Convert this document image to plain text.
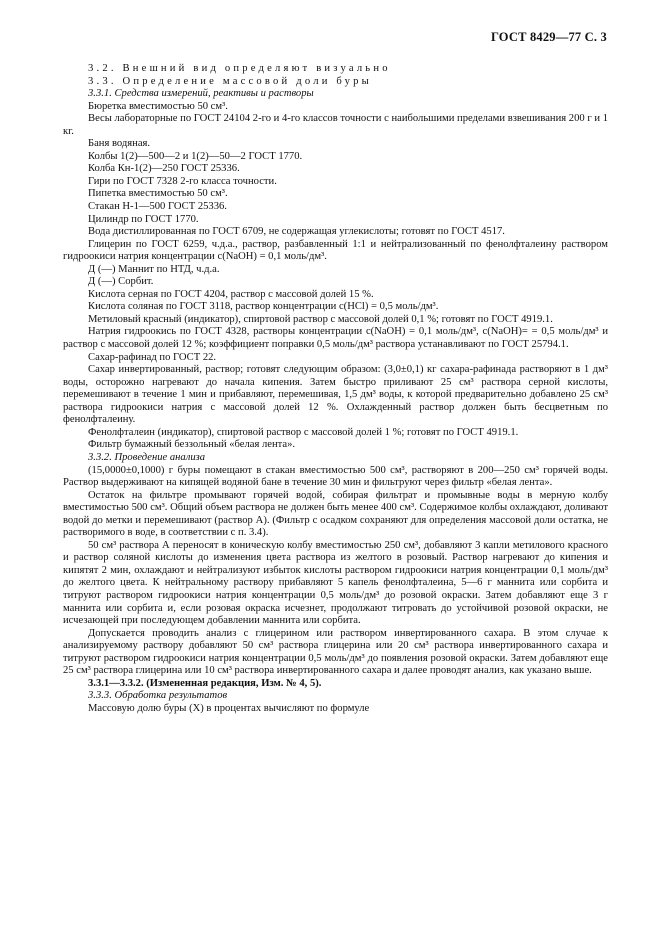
ГОСТ 8429—77 С. 3

3.2. Внешний вид определяют визуально

3.3. Определение массовой доли буры

3.3.1. Средства измерений, реактивы и растворы

Бюретка вместимостью 50 см³.

Весы лабораторные по ГОСТ 24104 2-го и 4-го классов точности с наибольшими пределами взвешивания 200 г и 1 кг.

Баня водяная.

Колбы 1(2)—500—2 и 1(2)—50—2 ГОСТ 1770.

Колба Кн-1(2)—250 ГОСТ 25336.

Гири по ГОСТ 7328 2-го класса точности.

Пипетка вместимостью 50 см³.

Стакан Н-1—500 ГОСТ 25336.

Цилиндр по ГОСТ 1770.

Вода дистиллированная по ГОСТ 6709, не содержащая углекислоты; готовят по ГОСТ 4517.

Глицерин по ГОСТ 6259, ч.д.а., раствор, разбавленный 1:1 и нейтрализованный по фенолфталеину раствором гидроокиси натрия концентрации с(NaOH) = 0,1 моль/дм³.

Д (—) Маннит по НТД, ч.д.а.

Д (—) Сорбит.

Кислота серная по ГОСТ 4204, раствор с массовой долей 15 %.

Кислота соляная по ГОСТ 3118, раствор концентрации с(HCl) = 0,5 моль/дм³.

Метиловый красный (индикатор), спиртовой раствор с массовой долей 0,1 %; готовят по ГОСТ 4919.1.

Натрия гидроокись по ГОСТ 4328, растворы концентрации с(NaOH) = 0,1 моль/дм³, с(NaOH)= = 0,5 моль/дм³ и раствор с массовой долей 12 %; коэффициент поправки 0,5 моль/дм³ раствора устанавливают по ГОСТ 25794.1.

Сахар-рафинад по ГОСТ 22.

Сахар инвертированный, раствор; готовят следующим образом: (3,0±0,1) кг сахара-рафинада растворяют в 1 дм³ воды, осторожно нагревают до начала кипения. Затем быстро приливают 25 см³ раствора серной кислоты, перемешивают в течение 1 мин и прибавляют, перемешивая, 1,5 дм³ воды, к которой предварительно добавлено 25 см³ раствора гидроокиси натрия с массовой долей 12 %. Охлажденный раствор должен быть бесцветным по фенолфталеину.

Фенолфталеин (индикатор), спиртовой раствор с массовой долей 1 %; готовят по ГОСТ 4919.1.

Фильтр бумажный беззольный «белая лента».

3.3.2. Проведение анализа

(15,0000±0,1000) г буры помещают в стакан вместимостью 500 см³, растворяют в 200—250 см³ горячей воды. Раствор выдерживают на кипящей водяной бане в течение 30 мин и фильтруют через фильтр «белая лента».

Остаток на фильтре промывают горячей водой, собирая фильтрат и промывные воды в мерную колбу вместимостью 500 см³. Общий объем раствора не должен быть менее 400 см³. Содержимое колбы охлаждают, доливают водой до метки и перемешивают (раствор А). (Фильтр с осадком сохраняют для определения массовой доли остатка, не растворимого в воде, в соответствии с п. 3.4).

50 см³ раствора А переносят в коническую колбу вместимостью 250 см³, добавляют 3 капли метилового красного и раствор соляной кислоты до изменения цвета раствора из желтого в розовый. Раствор нагревают до кипения и кипятят 2 мин, охлаждают и нейтрализуют избыток кислоты раствором гидроокиси натрия концентрации 0,1 моль/дм³ до желтого цвета. К нейтральному раствору прибавляют 5 капель фенолфталеина, 5—6 г маннита или сорбита и титруют раствором гидроокиси натрия концентрации 0,5 моль/дм³ до розовой окраски. Затем добавляют еще 3 г маннита или сорбита и, если розовая окраска исчезнет, продолжают титровать до устойчивой розовой окраски, не исчезающей при последующем добавлении маннита или сорбита.

Допускается проводить анализ с глицерином или раствором инвертированного сахара. В этом случае к анализируемому раствору добавляют 50 см³ раствора глицерина или 20 см³ раствора инвертированного сахара и титруют раствором гидроокиси натрия концентрации 0,5 моль/дм³ до появления розовой окраски. Затем добавляют еще 25 см³ раствора глицерина или 10 см³ раствора инвертированного сахара и далее проводят анализ, как указано выше.

3.3.1—3.3.2. (Измененная редакция, Изм. № 4, 5).

3.3.3. Обработка результатов

Массовую долю буры (X) в процентах вычисляют по формуле
